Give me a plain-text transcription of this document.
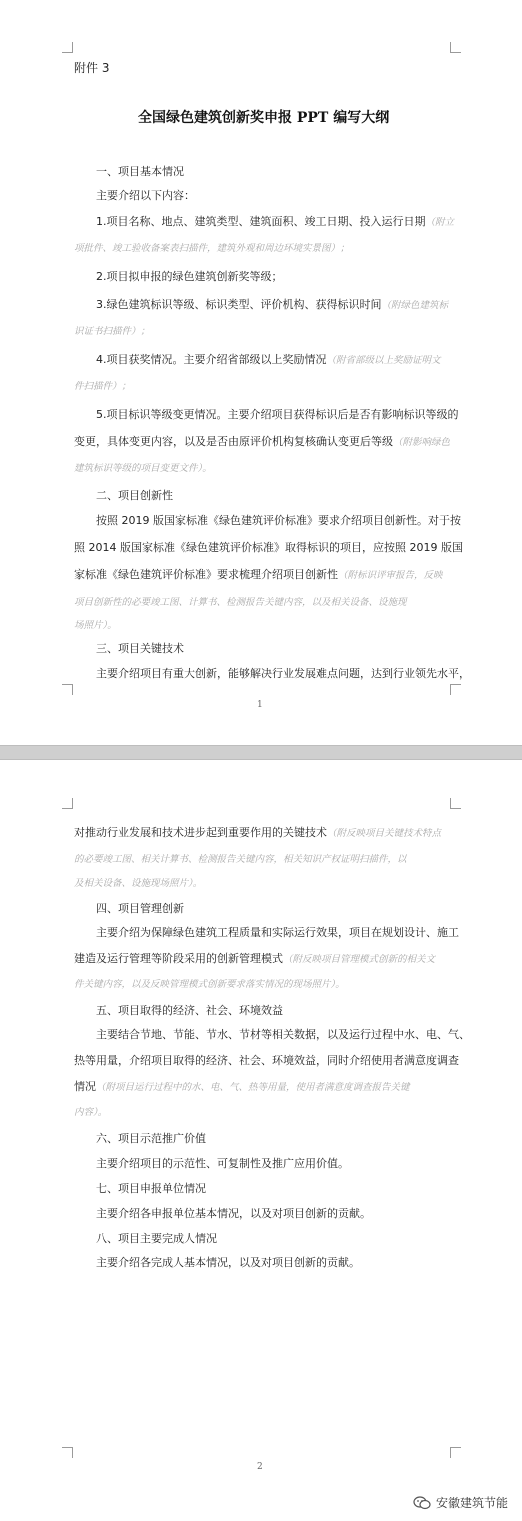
附件 3
全国绿色建筑创新奖申报 PPT 编写大纲
一、项目基本情况
主要介绍以下内容：
1.项目名称、地点、建筑类型、建筑面积、竣工日期、投入运行日期（附立
项批件、竣工验收备案表扫描件，建筑外观和周边环境实景图）；
2.项目拟申报的绿色建筑创新奖等级；
3.绿色建筑标识等级、标识类型、评价机构、获得标识时间（附绿色建筑标
识证书扫描件）；
4.项目获奖情况。主要介绍省部级以上奖励情况（附省部级以上奖励证明文
件扫描件）；
5.项目标识等级变更情况。主要介绍项目获得标识后是否有影响标识等级的
变更，具体变更内容，以及是否由原评价机构复核确认变更后等级（附影响绿色
建筑标识等级的项目变更文件）。
二、项目创新性
按照 2019 版国家标准《绿色建筑评价标准》要求介绍项目创新性。对于按
照 2014 版国家标准《绿色建筑评价标准》取得标识的项目，应按照 2019 版国
家标准《绿色建筑评价标准》要求梳理介绍项目创新性（附标识评审报告，反映
项目创新性的必要竣工图、计算书、检测报告关键内容，以及相关设备、设施现
场照片）。
三、项目关键技术
主要介绍项目有重大创新，能够解决行业发展难点问题，达到行业领先水平，
1
对推动行业发展和技术进步起到重要作用的关键技术（附反映项目关键技术特点
的必要竣工图、相关计算书、检测报告关键内容，相关知识产权证明扫描件，以
及相关设备、设施现场照片）。
四、项目管理创新
主要介绍为保障绿色建筑工程质量和实际运行效果，项目在规划设计、施工
建造及运行管理等阶段采用的创新管理模式（附反映项目管理模式创新的相关文
件关键内容，以及反映管理模式创新要求落实情况的现场照片）。
五、项目取得的经济、社会、环境效益
主要结合节地、节能、节水、节材等相关数据，以及运行过程中水、电、气、
热等用量，介绍项目取得的经济、社会、环境效益，同时介绍使用者满意度调查
情况（附项目运行过程中的水、电、气、热等用量，使用者满意度调查报告关键
内容）。
六、项目示范推广价值
主要介绍项目的示范性、可复制性及推广应用价值。
七、项目申报单位情况
主要介绍各申报单位基本情况，以及对项目创新的贡献。
八、项目主要完成人情况
主要介绍各完成人基本情况，以及对项目创新的贡献。
2
安徽建筑节能
